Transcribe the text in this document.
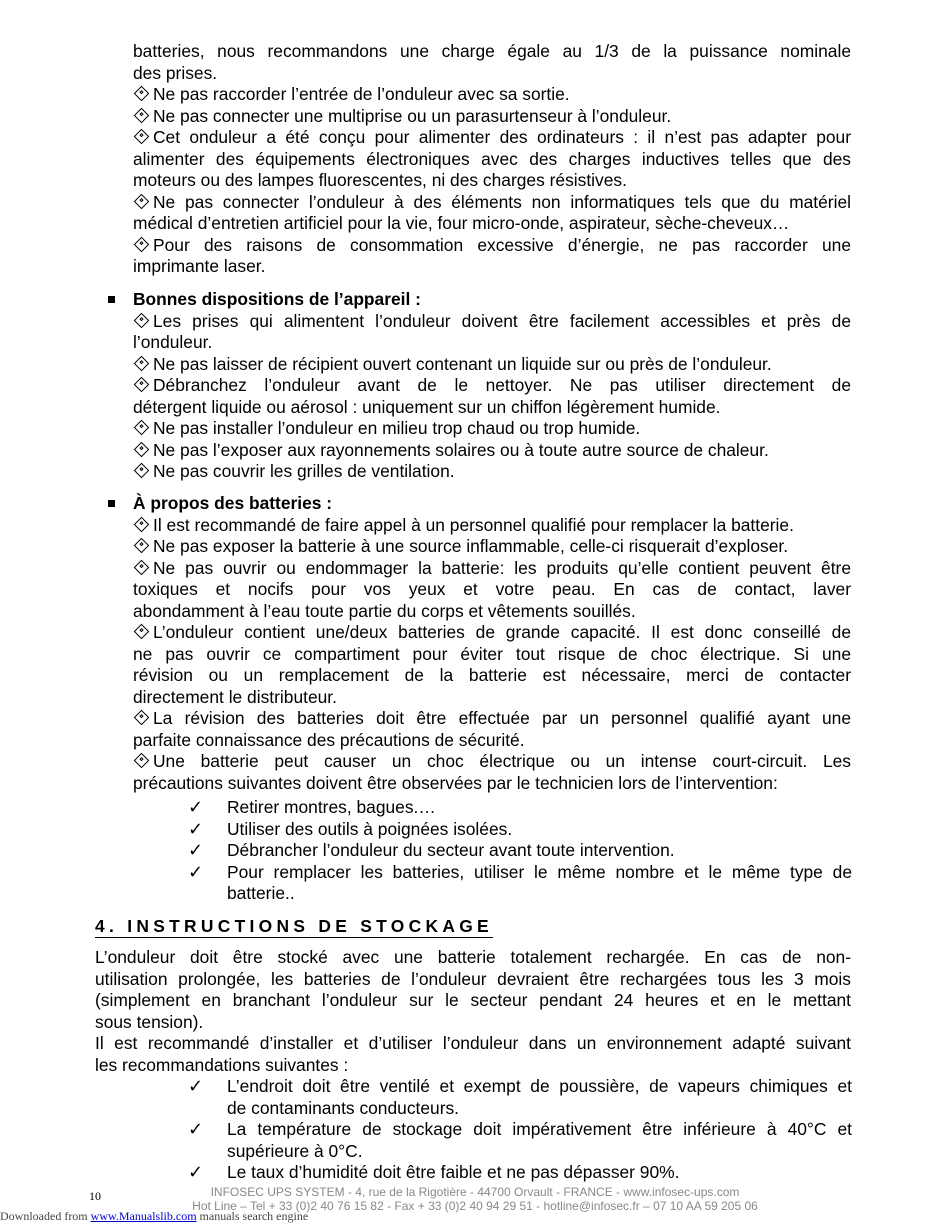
batteries, nous recommandons une charge égale au 1/3 de la puissance nominale
des prises.
Ne pas raccorder l’entrée de l’onduleur avec sa sortie.
Ne pas connecter une multiprise ou un parasurtenseur à l’onduleur.
Cet onduleur a été conçu pour alimenter des ordinateurs : il n’est pas adapter pour
alimenter des équipements électroniques avec des charges inductives telles que des
moteurs ou des lampes fluorescentes, ni des charges résistives.
Ne pas connecter l’onduleur à des éléments non informatiques tels que du matériel
médical d’entretien artificiel pour la vie, four micro-onde, aspirateur, sèche-cheveux…
Pour des raisons de consommation excessive d’énergie, ne pas raccorder une
imprimante laser.
Bonnes dispositions de l’appareil :
Les prises qui alimentent l’onduleur doivent être facilement accessibles et près de
l’onduleur.
Ne pas laisser de récipient ouvert contenant un liquide sur ou près de l’onduleur.
Débranchez l’onduleur avant de le nettoyer. Ne pas utiliser directement de
détergent liquide ou aérosol : uniquement sur un chiffon légèrement humide.
Ne pas installer l’onduleur en milieu trop chaud ou trop humide.
Ne pas l’exposer aux rayonnements solaires ou à toute autre source de chaleur.
Ne pas couvrir les grilles de ventilation.
À propos des batteries :
Il est recommandé de faire appel à un personnel qualifié pour remplacer la batterie.
Ne pas exposer la batterie à une source inflammable, celle-ci risquerait d’exploser.
Ne pas ouvrir ou endommager la batterie: les produits qu’elle contient peuvent être
toxiques et nocifs pour vos yeux et votre peau. En cas de contact, laver
abondamment à l’eau toute partie du corps et vêtements souillés.
L’onduleur contient une/deux batteries de grande capacité. Il est donc conseillé de
ne pas ouvrir ce compartiment pour éviter tout risque de choc électrique. Si une
révision ou un remplacement de la batterie est nécessaire, merci de contacter
directement le distributeur.
La révision des batteries doit être effectuée par un personnel qualifié ayant une
parfaite connaissance des précautions de sécurité.
Une batterie peut causer un choc électrique ou un intense court-circuit. Les
précautions suivantes doivent être observées par le technicien lors de l’intervention:
✓ Retirer montres, bagues.…
✓ Utiliser des outils à poignées isolées.
✓ Débrancher l’onduleur du secteur avant toute intervention.
✓ Pour remplacer les batteries, utiliser le même nombre et le même type de
batterie..
4. INSTRUCTIONS DE STOCKAGE
L’onduleur doit être stocké avec une batterie totalement rechargée. En cas de non-
utilisation prolongée, les batteries de l’onduleur devraient être rechargées tous les 3 mois
(simplement en branchant l’onduleur sur le secteur pendant 24 heures et en le mettant
sous tension).
Il est recommandé d’installer et d’utiliser l’onduleur dans un environnement adapté suivant
les recommandations suivantes :
✓ L’endroit doit être ventilé et exempt de poussière, de vapeurs chimiques et
de contaminants conducteurs.
✓ La température de stockage doit impérativement être inférieure à 40°C et
supérieure à 0°C.
✓ Le taux d’humidité doit être faible et ne pas dépasser 90%.
10	INFOSEC UPS SYSTEM - 4, rue de la Rigotière - 44700 Orvault - FRANCE - www.infosec-ups.com
Hot Line – Tel + 33 (0)2 40 76 15 82 - Fax + 33 (0)2 40 94 29 51 - hotline@infosec.fr – 07 10 AA 59 205 06
Downloaded from www.Manualslib.com manuals search engine
